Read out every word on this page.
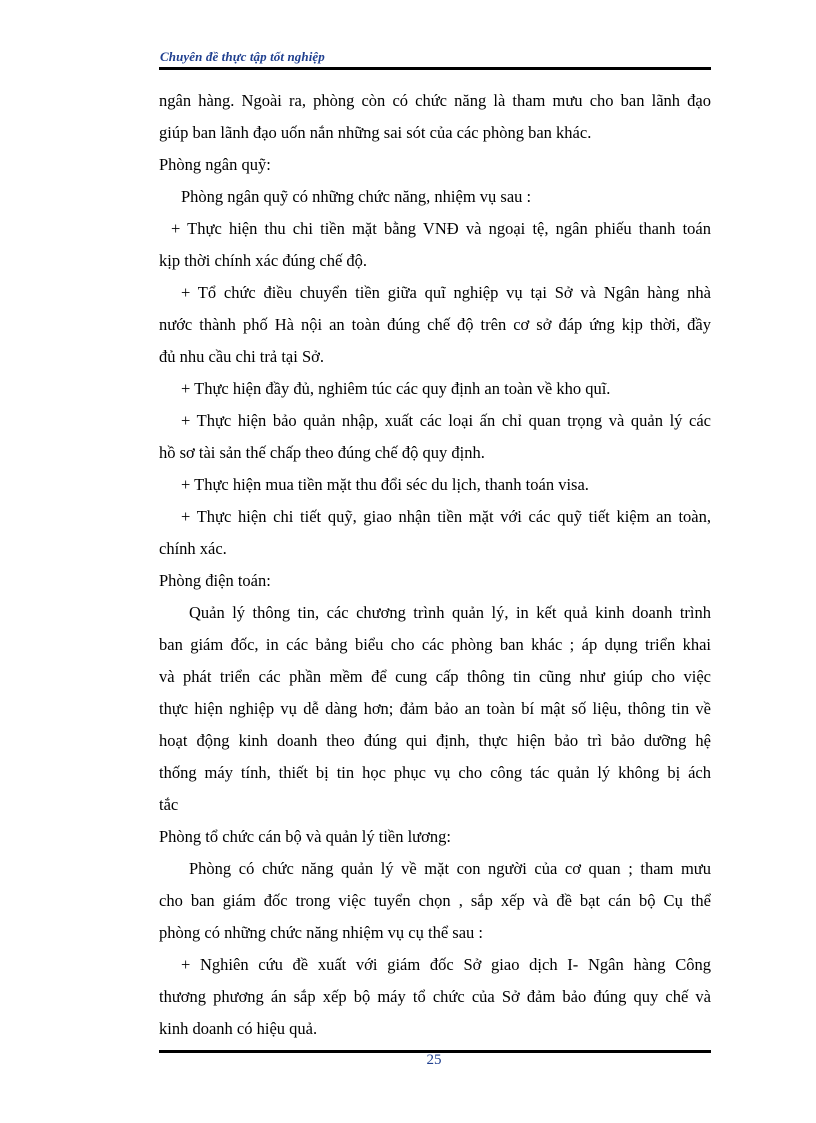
Chuyên đề thực tập tốt nghiệp
ngân hàng. Ngoài ra, phòng còn có chức năng là tham mưu cho ban lãnh đạo
giúp ban lãnh đạo uốn nắn những sai sót của các phòng ban khác.
Phòng ngân quỹ:
Phòng ngân quỹ có những chức năng, nhiệm vụ sau :
+ Thực hiện thu chi tiền mặt bằng VNĐ và ngoại tệ, ngân phiếu thanh toán
kịp thời chính xác đúng chế độ.
+ Tổ chức điều chuyển tiền giữa quĩ nghiệp vụ tại Sở và Ngân hàng nhà
nước thành phố Hà nội an toàn đúng chế độ trên cơ sở đáp ứng kịp thời, đầy
đủ nhu cầu chi trả tại Sở.
+ Thực hiện đầy đủ, nghiêm túc các quy định an toàn về kho quĩ.
+ Thực hiện bảo quản nhập, xuất các loại ấn chỉ quan trọng và quản lý các
hồ sơ tài sản thế chấp theo đúng chế độ quy định.
+ Thực hiện mua tiền mặt thu đổi séc du lịch, thanh toán visa.
+ Thực hiện chi tiết quỹ, giao nhận tiền mặt với các quỹ tiết kiệm an toàn,
chính xác.
Phòng điện toán:
Quản lý thông tin, các chương trình quản lý, in kết quả kinh doanh trình
ban giám đốc, in các bảng biểu cho các phòng ban khác ; áp dụng triển khai
và phát triển các phần mềm để cung cấp thông tin cũng như giúp cho việc
thực hiện nghiệp vụ dễ dàng hơn; đảm bảo an toàn bí mật số liệu, thông tin về
hoạt động kinh doanh theo đúng qui định, thực hiện bảo trì bảo dưỡng hệ
thống máy tính, thiết bị tin học phục vụ cho công tác quản lý không bị ách
tắc
Phòng tổ chức cán bộ và quản lý tiền lương:
Phòng có chức năng quản lý về mặt con người của cơ quan ; tham mưu
cho ban giám đốc trong việc tuyển chọn , sắp xếp và đề bạt cán bộ Cụ thể
phòng có những chức năng nhiệm vụ cụ thể sau :
+ Nghiên cứu đề xuất với giám đốc Sở giao dịch I- Ngân hàng Công
thương phương án sắp xếp bộ máy tổ chức của Sở đảm bảo đúng quy chế và
kinh doanh có hiệu quả.
25
